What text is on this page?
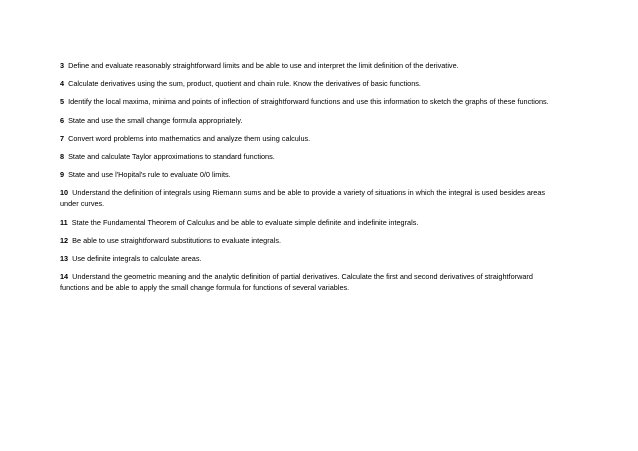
3 Define and evaluate reasonably straightforward limits and be able to use and interpret the limit definition of the derivative.

4 Calculate derivatives using the sum, product, quotient and chain rule. Know the derivatives of basic functions.

5 Identify the local maxima, minima and points of inflection of straightforward functions and use this information to sketch the graphs of these functions.

6 State and use the small change formula appropriately.

7 Convert word problems into mathematics and analyze them using calculus.

8 State and calculate Taylor approximations to standard functions.

9 State and use l'Hopital's rule to evaluate 0/0 limits.

10 Understand the definition of integrals using Riemann sums and be able to provide a variety of situations in which the integral is used besides areas under curves.

11 State the Fundamental Theorem of Calculus and be able to evaluate simple definite and indefinite integrals.

12 Be able to use straightforward substitutions to evaluate integrals.

13 Use definite integrals to calculate areas.

14 Understand the geometric meaning and the analytic definition of partial derivatives. Calculate the first and second derivatives of straightforward functions and be able to apply the small change formula for functions of several variables.
